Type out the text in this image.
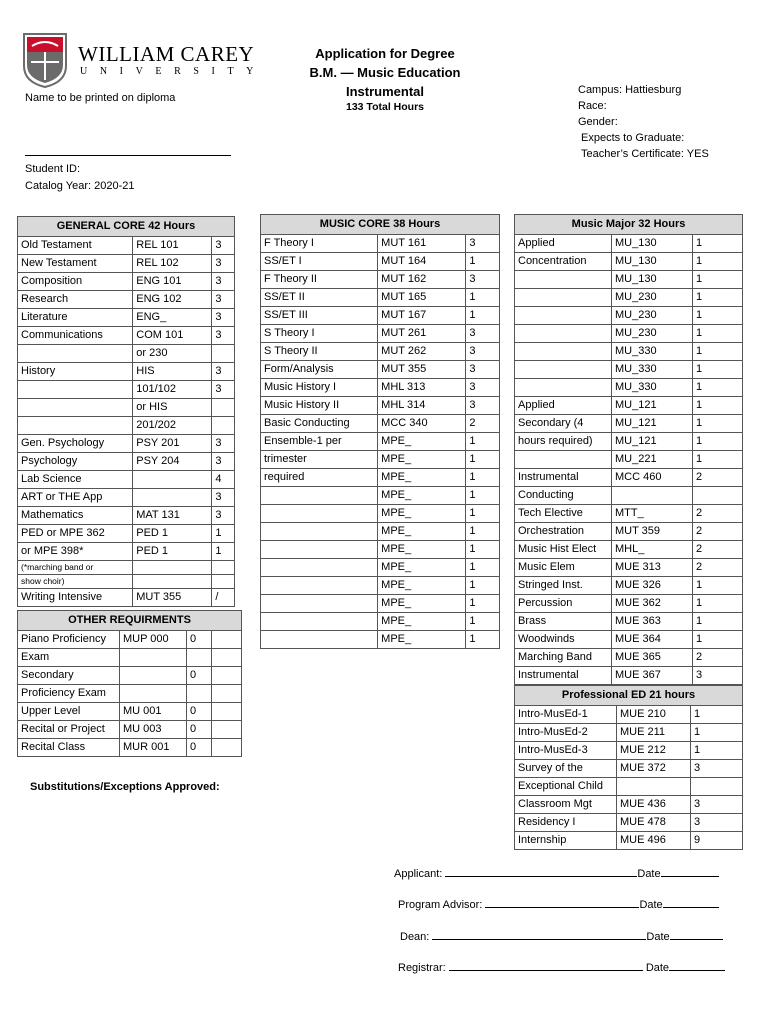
WILLIAM CAREY
UNIVERSITY
Application for Degree
B.M. — Music Education
Instrumental
133 Total Hours
Campus: Hattiesburg
Race:
Gender:
Expects to Graduate:
Teacher’s Certificate: YES
Name to be printed on diploma
Student ID:
Catalog Year: 2020-21
GENERAL CORE 42 Hours		
Old Testament	REL 101	3
New Testament	REL 102	3
Composition	ENG 101	3
Research	ENG 102	3
Literature	ENG_	3
Communications	COM 101	3
	or 230	
History	HIS	3
	101/102	3
	or HIS	
	201/202	
Gen. Psychology	PSY 201	3
Psychology	PSY 204	3
Lab Science		4
ART or THE App		3
Mathematics	MAT 131	3
PED or MPE 362	PED 1	1
or MPE 398*	PED 1	1
(*marching band or		
show choir)		
Writing Intensive	MUT 355	/
MUSIC CORE 38 Hours		
F Theory I	MUT 161	3
SS/ET I	MUT 164	1
F Theory II	MUT 162	3
SS/ET II	MUT 165	1
SS/ET III	MUT 167	1
S Theory I	MUT 261	3
S Theory II	MUT 262	3
Form/Analysis	MUT 355	3
Music History I	MHL 313	3
Music History II	MHL 314	3
Basic Conducting	MCC 340	2
Ensemble-1 per	MPE_	1
trimester	MPE_	1
required	MPE_	1
	MPE_	1
	MPE_	1
	MPE_	1
	MPE_	1
	MPE_	1
	MPE_	1
	MPE_	1
	MPE_	1
	MPE_	1
Music Major 32 Hours		
Applied	MU_130	1
Concentration	MU_130	1
	MU_130	1
	MU_230	1
	MU_230	1
	MU_230	1
	MU_330	1
	MU_330	1
	MU_330	1
Applied	MU_121	1
Secondary (4	MU_121	1
hours required)	MU_121	1
	MU_221	1
Instrumental	MCC 460	2
Conducting		
Tech Elective	MTT_	2
Orchestration	MUT 359	2
Music Hist Elect	MHL_	2
Music Elem	MUE 313	2
Stringed Inst.	MUE 326	1
Percussion	MUE 362	1
Brass	MUE 363	1
Woodwinds	MUE 364	1
Marching Band	MUE 365	2
Instrumental	MUE 367	3

OTHER REQUIRMENTS			
Piano Proficiency	MUP 000	0	
Exam			
Secondary		0	
Proficiency Exam			
Upper Level	MU 001	0	
Recital or Project	MU 003	0	
Recital Class	MUR 001	0	
Professional ED 21 hours		
Intro-MusEd-1	MUE 210	1
Intro-MusEd-2	MUE 211	1
Intro-MusEd-3	MUE 212	1
Survey of the	MUE 372	3
Exceptional Child		
Classroom Mgt	MUE 436	3
Residency I	MUE 478	3
Internship	MUE 496	9
Substitutions/Exceptions Approved:
Applicant:	Date
Program Advisor:	Date
Dean:	Date
Registrar:	Date
